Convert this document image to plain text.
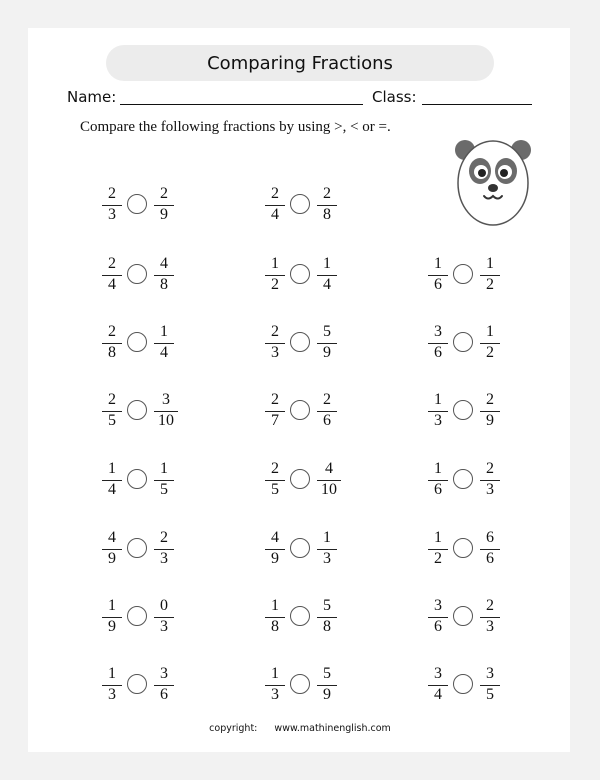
Comparing Fractions
Name:	Class:
Compare the following fractions by using >, < or =.
2
3
2
9
2
4
2
8
2
4
4
8
1
2
1
4
1
6
1
2
2
8
1
4
2
3
5
9
3
6
1
2
2
5
3
10
2
7
2
6
1
3
2
9
1
4
1
5
2
5
4
10
1
6
2
3
4
9
2
3
4
9
1
3
1
2
6
6
1
9
0
3
1
8
5
8
3
6
2
3
1
3
3
6
1
3
5
9
3
4
3
5
copyright: www.mathinenglish.com
